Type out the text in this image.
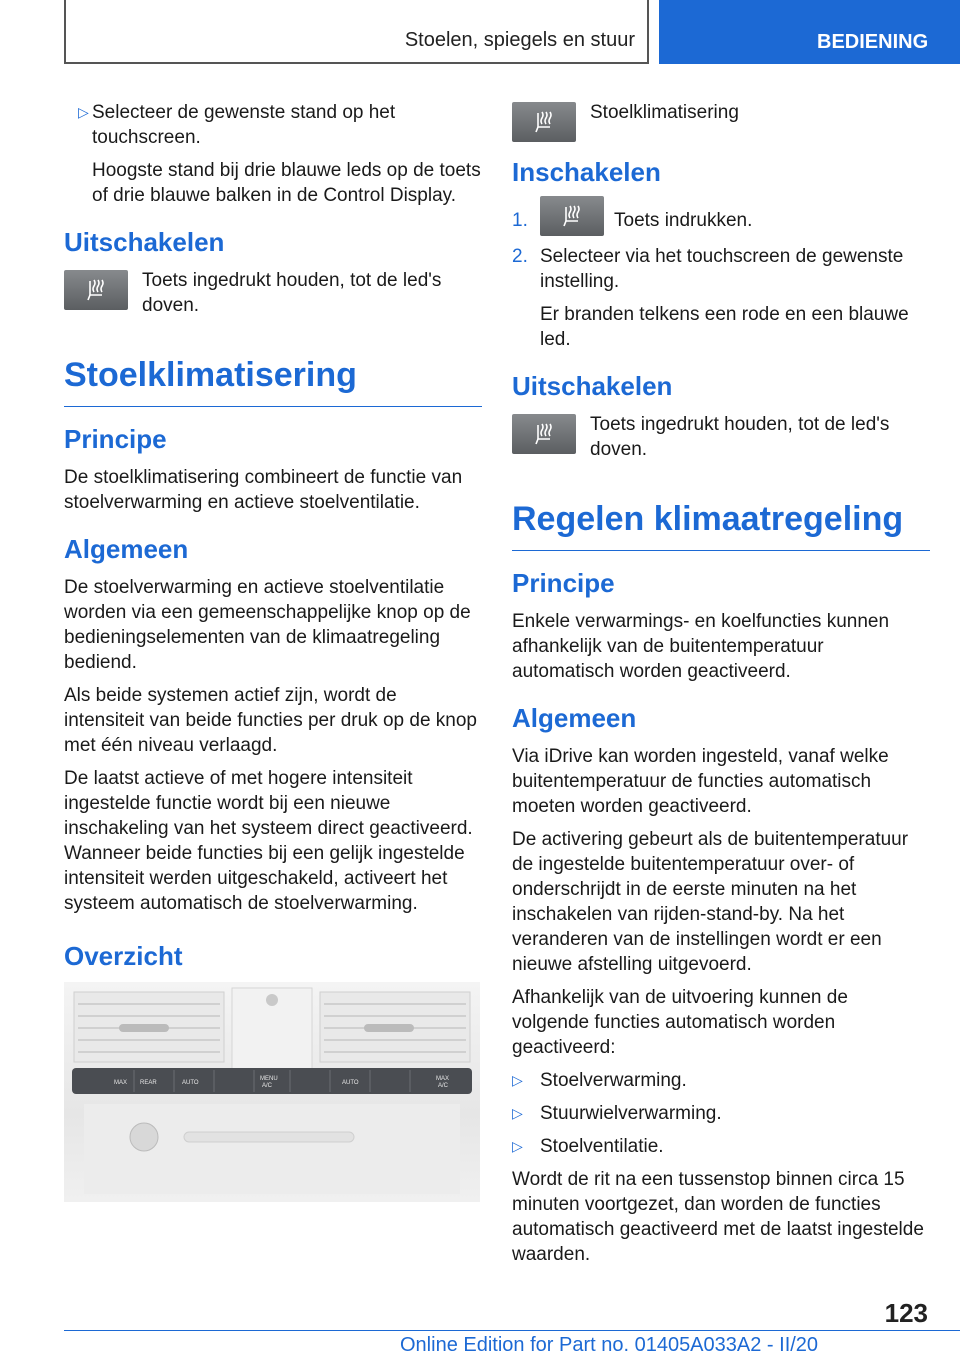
Stoelen, spiegels en stuur	BEDIENING
▷ Selecteer de gewenste stand op het touchscreen.

Hoogste stand bij drie blauwe leds op de toets of drie blauwe balken in de Control Display.

Uitschakelen
Toets ingedrukt houden, tot de led's doven.
Stoelklimatisering
Principe

De stoelklimatisering combineert de functie van stoelverwarming en actieve stoelventilatie.

Algemeen

De stoelverwarming en actieve stoelventilatie worden via een gemeenschappelijke knop op de bedieningselementen van de klimaatregeling bediend.

Als beide systemen actief zijn, wordt de intensiteit van beide functies per druk op de knop met één niveau verlaagd.

De laatst actieve of met hogere intensiteit ingestelde functie wordt bij een nieuwe inschakeling van het systeem direct geactiveerd. Wanneer beide functies bij een gelijk ingestelde intensiteit werden uitgeschakeld, activeert het systeem automatisch de stoelverwarming.

Overzicht
MAX REAR	AUTO
MENU
A/C	AUTO
MAX
A/C
Stoelklimatisering
Inschakelen
1.	Toets indrukken.
2. Selecteer via het touchscreen de gewenste instelling.

Er branden telkens een rode en een blauwe led.

Uitschakelen
Toets ingedrukt houden, tot de led's doven.
Regelen klimaatregeling
Principe

Enkele verwarmings- en koelfuncties kunnen afhankelijk van de buitentemperatuur automatisch worden geactiveerd.

Algemeen

Via iDrive kan worden ingesteld, vanaf welke buitentemperatuur de functies automatisch moeten worden geactiveerd.

De activering gebeurt als de buitentemperatuur de ingestelde buitentemperatuur over- of onderschrijdt in de eerste minuten na het inschakelen van rijden-stand-by. Na het veranderen van de instellingen wordt er een nieuwe afstelling uitgevoerd.

Afhankelijk van de uitvoering kunnen de volgende functies automatisch worden geactiveerd:

▷ Stoelverwarming.
▷ Stuurwielverwarming.
▷ Stoelventilatie.

Wordt de rit na een tussenstop binnen circa 15 minuten voortgezet, dan worden de functies automatisch geactiveerd met de laatst ingestelde waarden.

123
Online Edition for Part no. 01405A033A2 - II/20
